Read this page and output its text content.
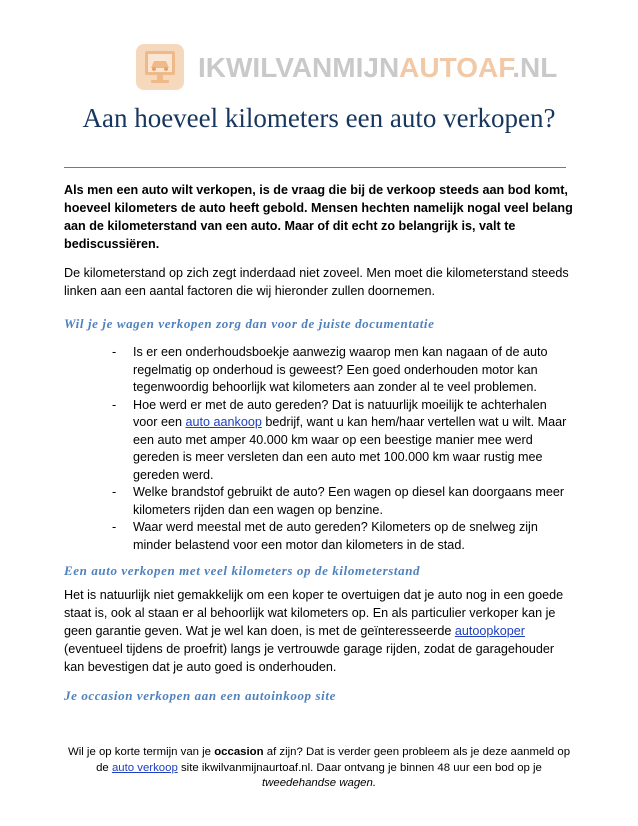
IKWILVANMIJNAUTOAF.NL
Aan hoeveel kilometers een auto verkopen?

Als men een auto wilt verkopen, is de vraag die bij de verkoop steeds aan bod komt, hoeveel kilometers de auto heeft gebold. Mensen hechten namelijk nogal veel belang aan de kilometerstand van een auto. Maar of dit echt zo belangrijk is, valt te bediscussiëren.

De kilometerstand op zich zegt inderdaad niet zoveel. Men moet die kilometerstand steeds linken aan een aantal factoren die wij hieronder zullen doornemen.

Wil je je wagen verkopen zorg dan voor de juiste documentatie
- Is er een onderhoudsboekje aanwezig waarop men kan nagaan of de auto regelmatig op onderhoud is geweest? Een goed onderhouden motor kan tegenwoordig behoorlijk wat kilometers aan zonder al te veel problemen.
- Hoe werd er met de auto gereden? Dat is natuurlijk moeilijk te achterhalen voor een auto aankoop bedrijf, want u kan hem/haar vertellen wat u wilt. Maar een auto met amper 40.000 km waar op een beestige manier mee werd gereden is meer versleten dan een auto met 100.000 km waar rustig mee gereden werd.
- Welke brandstof gebruikt de auto? Een wagen op diesel kan doorgaans meer kilometers rijden dan een wagen op benzine.
- Waar werd meestal met de auto gereden? Kilometers op de snelweg zijn minder belastend voor een motor dan kilometers in de stad.
Een auto verkopen met veel kilometers op de kilometerstand

Het is natuurlijk niet gemakkelijk om een koper te overtuigen dat je auto nog in een goede staat is, ook al staan er al behoorlijk wat kilometers op. En als particulier verkoper kan je geen garantie geven. Wat je wel kan doen, is met de geïnteresseerde autoopkoper (eventueel tijdens de proefrit) langs je vertrouwde garage rijden, zodat de garagehouder kan bevestigen dat je auto goed is onderhouden.

Je occasion verkopen aan een autoinkoop site

Wil je op korte termijn van je occasion af zijn? Dat is verder geen probleem als je deze aanmeld op de auto verkoop site ikwilvanmijnaurtoaf.nl. Daar ontvang je binnen 48 uur een bod op je tweedehandse wagen.
